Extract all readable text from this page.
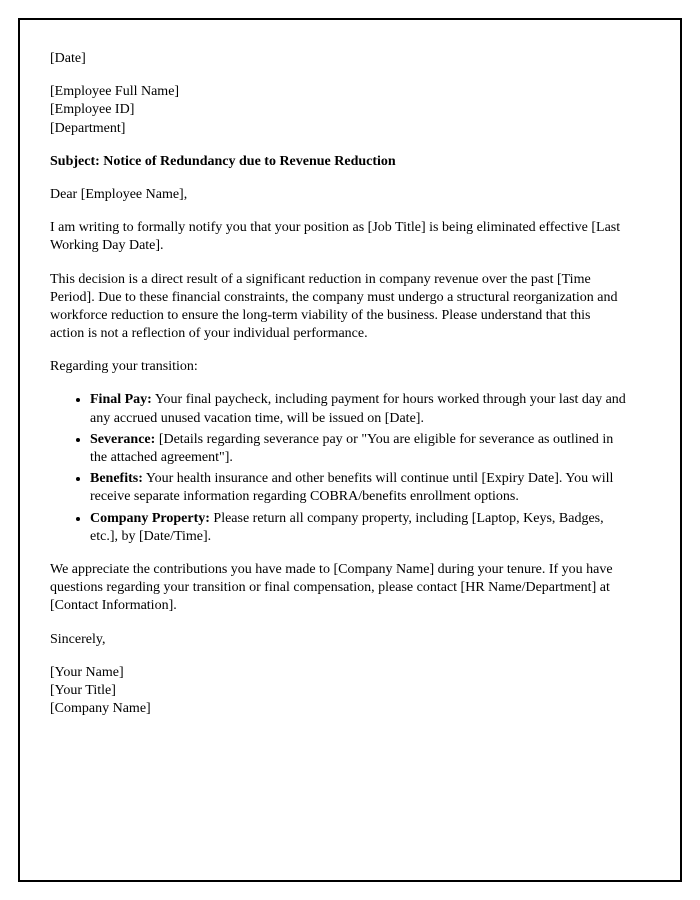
[Date]

[Employee Full Name]
[Employee ID]
[Department]

Subject: Notice of Redundancy due to Revenue Reduction

Dear [Employee Name],

I am writing to formally notify you that your position as [Job Title] is being eliminated effective [Last Working Day Date].

This decision is a direct result of a significant reduction in company revenue over the past [Time Period]. Due to these financial constraints, the company must undergo a structural reorganization and workforce reduction to ensure the long-term viability of the business. Please understand that this action is not a reflection of your individual performance.

Regarding your transition:

• Final Pay: Your final paycheck, including payment for hours worked through your last day and any accrued unused vacation time, will be issued on [Date].
• Severance: [Details regarding severance pay or "You are eligible for severance as outlined in the attached agreement"].
• Benefits: Your health insurance and other benefits will continue until [Expiry Date]. You will receive separate information regarding COBRA/benefits enrollment options.
• Company Property: Please return all company property, including [Laptop, Keys, Badges, etc.], by [Date/Time].

We appreciate the contributions you have made to [Company Name] during your tenure. If you have questions regarding your transition or final compensation, please contact [HR Name/Department] at [Contact Information].

Sincerely,

[Your Name]
[Your Title]
[Company Name]
